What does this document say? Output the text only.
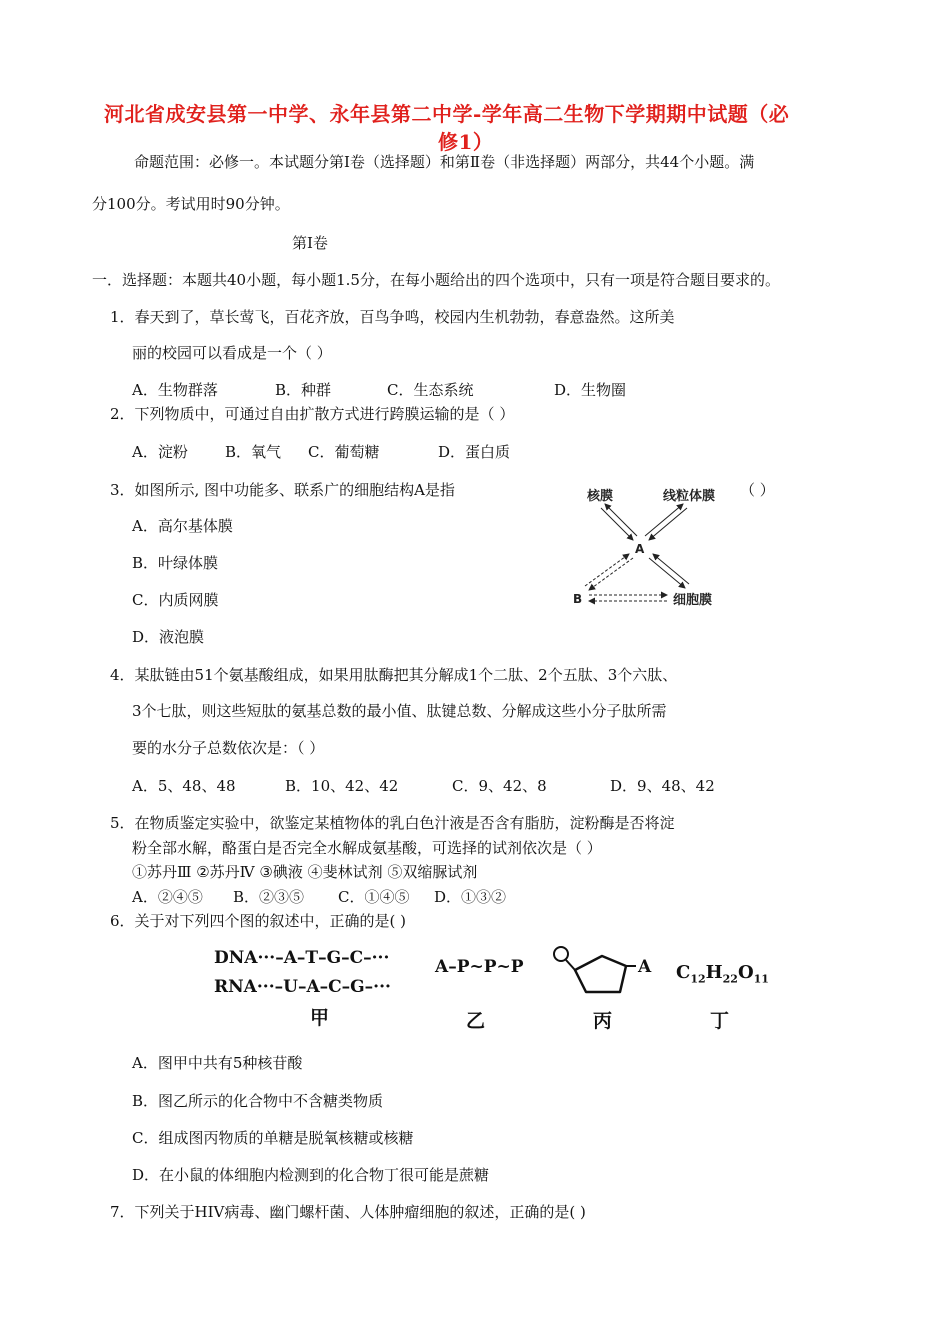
河北省成安县第一中学、永年县第二中学-学年高二生物下学期期中试题（必
修1）
命题范围：必修一。本试题分第Ⅰ卷（选择题）和第Ⅱ卷（非选择题）两部分，共44个小题。满
分100分。考试用时90分钟。
第Ⅰ卷
一．选择题：本题共40小题，每小题1.5分，在每小题给出的四个选项中，只有一项是符合题目要求的。
1．春天到了，草长莺飞，百花齐放，百鸟争鸣，校园内生机勃勃，春意盎然。这所美
丽的校园可以看成是一个（ ）
A．生物群落	B．种群	C．生态系统	D．生物圈
2．下列物质中，可通过自由扩散方式进行跨膜运输的是（ ）
A．淀粉 B．氧气 C．葡萄糖	D．蛋白质
3．如图所示, 图中功能多、联系广的细胞结构A是指	（ ）
A．高尔基体膜
B．叶绿体膜
C．内质网膜
D．液泡膜
核膜	线粒体膜
A
B	细胞膜
4．某肽链由51个氨基酸组成，如果用肽酶把其分解成1个二肽、2个五肽、3个六肽、
3个七肽，则这些短肽的氨基总数的最小值、肽键总数、分解成这些小分子肽所需
要的水分子总数依次是：（ ）
A．5、48、48	B．10、42、42	C．9、42、8	D．9、48、42
5．在物质鉴定实验中，欲鉴定某植物体的乳白色汁液是否含有脂肪，淀粉酶是否将淀
粉全部水解，酪蛋白是否完全水解成氨基酸，可选择的试剂依次是（ ）
①苏丹Ⅲ ②苏丹Ⅳ ③碘液 ④斐林试剂 ⑤双缩脲试剂
A．②④⑤ B．②③⑤ C．①④⑤ D．①③②
6．关于对下列四个图的叙述中，正确的是( )
DNA···–A–T–G–C–···
RNA···–U–A–C–G–···
A–P~P~P	A $C_{12}H_{22}O_{11}$
甲	乙	丙	丁
A．图甲中共有5种核苷酸
B．图乙所示的化合物中不含糖类物质
C．组成图丙物质的单糖是脱氧核糖或核糖
D．在小鼠的体细胞内检测到的化合物丁很可能是蔗糖
7．下列关于HIV病毒、幽门螺杆菌、人体肿瘤细胞的叙述，正确的是( )
